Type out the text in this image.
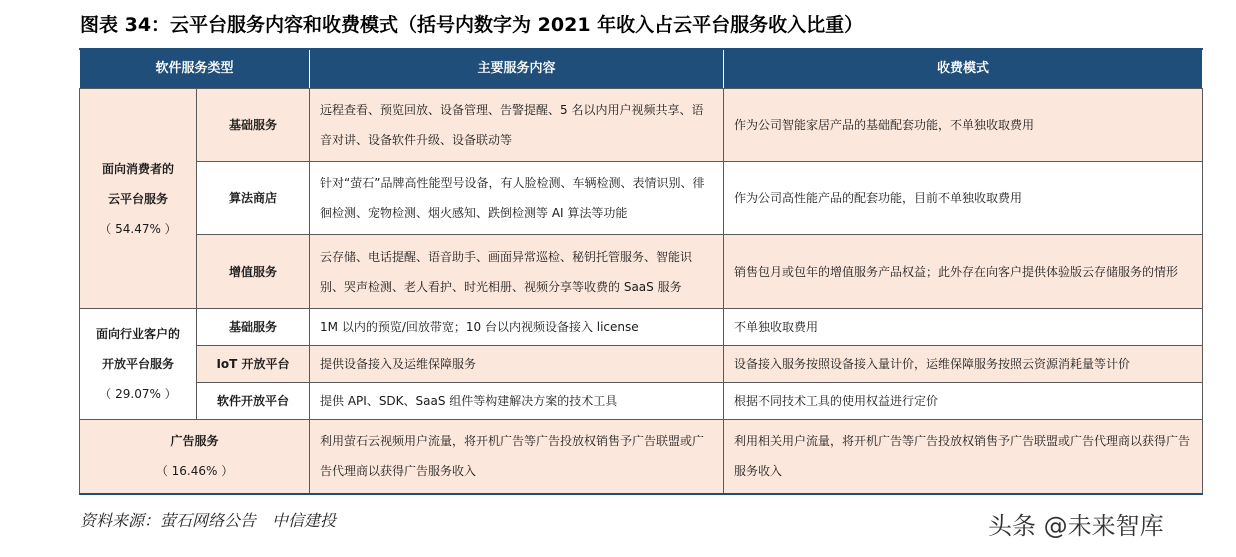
图表 34：云平台服务内容和收费模式（括号内数字为 2021 年收入占云平台服务收入比重）
软件服务类型		主要服务内容	收费模式

面向消费者的
云平台服务
（ 54.47% ）	基础服务	远程查看、预览回放、设备管理、告警提醒、5 名以内用户视频共享、语音对讲、设备软件升级、设备联动等	作为公司智能家居产品的基础配套功能，不单独收取费用
	算法商店	针对“萤石”品牌高性能型号设备，有人脸检测、车辆检测、表情识别、徘徊检测、宠物检测、烟火感知、跌倒检测等 AI 算法等功能	作为公司高性能产品的配套功能，目前不单独收取费用
	增值服务	云存储、电话提醒、语音助手、画面异常巡检、秘钥托管服务、智能识别、哭声检测、老人看护、时光相册、视频分享等收费的 SaaS 服务	销售包月或包年的增值服务产品权益；此外存在向客户提供体验版云存储服务的情形

面向行业客户的
开放平台服务
（ 29.07% ）	基础服务	1M 以内的预览/回放带宽；10 台以内视频设备接入 license	不单独收取费用
	IoT 开放平台	提供设备接入及运维保障服务	设备接入服务按照设备接入量计价，运维保障服务按照云资源消耗量等计价
	软件开放平台	提供 API、SDK、SaaS 组件等构建解决方案的技术工具	根据不同技术工具的使用权益进行定价

广告服务
（ 16.46% ）		利用萤石云视频用户流量，将开机广告等广告投放权销售予广告联盟或广告代理商以获得广告服务收入	利用相关用户流量，将开机广告等广告投放权销售予广告联盟或广告代理商以获得广告服务收入
资料来源：萤石网络公告　中信建投	头条 @未来智库
